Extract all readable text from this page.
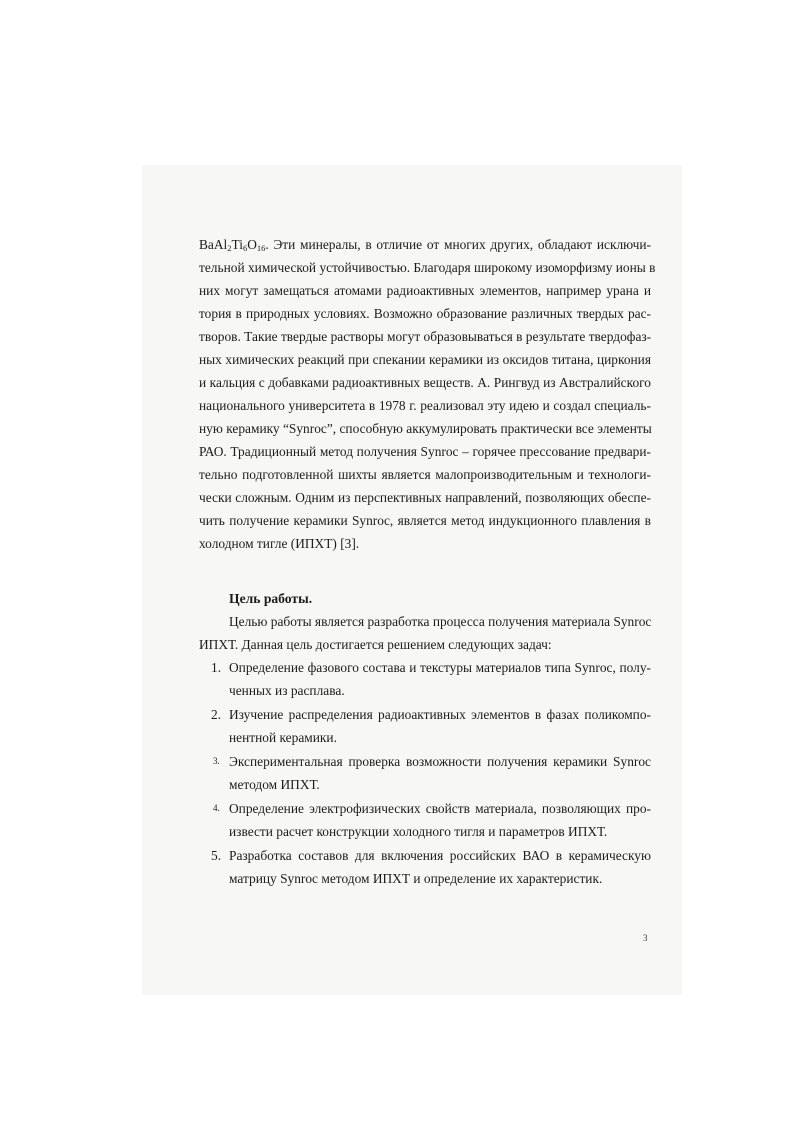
$BaAl_2Ti_6O_{16}$. Эти минералы, в отличие от многих других, обладают исключи-
тельной химической устойчивостью. Благодаря широкому изоморфизму ионы в
них могут замещаться атомами радиоактивных элементов, например урана и
тория в природных условиях. Возможно образование различных твердых рас-
творов. Такие твердые растворы могут образовываться в результате твердофаз-
ных химических реакций при спекании керамики из оксидов титана, циркония
и кальция с добавками радиоактивных веществ. А. Рингвуд из Австралийского
национального университета в 1978 г. реализовал эту идею и создал специаль-
ную керамику “Synroc”, способную аккумулировать практически все элементы
РАО. Традиционный метод получения Synroc – горячее прессование предвари-
тельно подготовленной шихты является малопроизводительным и технологи-
чески сложным. Одним из перспективных направлений, позволяющих обеспе-
чить получение керамики Synroc, является метод индукционного плавления в
холодном тигле (ИПХТ) [3].
Цель работы.
Целью работы является разработка процесса получения материала Synroc
ИПХТ. Данная цель достигается решением следующих задач:
1. Определение фазового состава и текстуры материалов типа Synroc, полу-
ченных из расплава.
2. Изучение распределения радиоактивных элементов в фазах поликомпо-
нентной керамики.
3. Экспериментальная проверка возможности получения керамики Synroc
методом ИПХТ.
4. Определение электрофизических свойств материала, позволяющих про-
извести расчет конструкции холодного тигля и параметров ИПХТ.
5. Разработка составов для включения российских ВАО в керамическую
матрицу Synroc методом ИПХТ и определение их характеристик.
3
